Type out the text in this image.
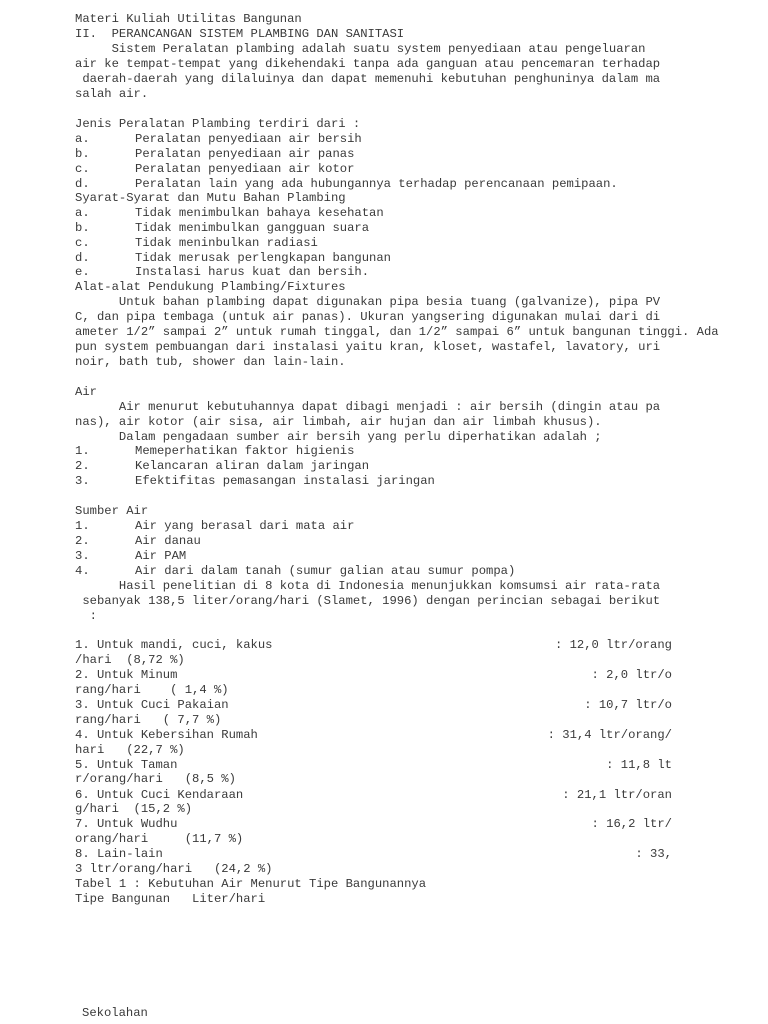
Materi Kuliah Utilitas Bangunan
II.  PERANCANGAN SISTEM PLAMBING DAN SANITASI
Sistem Peralatan plambing adalah suatu system penyediaan atau pengeluaran
air ke tempat-tempat yang dikehendaki tanpa ada ganguan atau pencemaran terhadap
daerah-daerah yang dilaluinya dan dapat memenuhi kebutuhan penghuninya dalam ma
salah air.
Jenis Peralatan Plambing terdiri dari :
a.	Peralatan penyediaan air bersih
b.	Peralatan penyediaan air panas
c.	Peralatan penyediaan air kotor
d.	Peralatan lain yang ada hubungannya terhadap perencanaan pemipaan.
Syarat-Syarat dan Mutu Bahan Plambing
a.	Tidak menimbulkan bahaya kesehatan
b.	Tidak menimbulkan gangguan suara
c.	Tidak meninbulkan radiasi
d.	Tidak merusak perlengkapan bangunan
e.	Instalasi harus kuat dan bersih.
Alat-alat Pendukung Plambing/Fixtures
Untuk bahan plambing dapat digunakan pipa besia tuang (galvanize), pipa PV
C, dan pipa tembaga (untuk air panas). Ukuran yangsering digunakan mulai dari di
ameter 1/2” sampai 2” untuk rumah tinggal, dan 1/2” sampai 6” untuk bangunan tinggi. Ada
pun system pembuangan dari instalasi yaitu kran, kloset, wastafel, lavatory, uri
noir, bath tub, shower dan lain-lain.
Air
Air menurut kebutuhannya dapat dibagi menjadi : air bersih (dingin atau pa
nas), air kotor (air sisa, air limbah, air hujan dan air limbah khusus).
Dalam pengadaan sumber air bersih yang perlu diperhatikan adalah ;
1.	Memeperhatikan faktor higienis
2.	Kelancaran aliran dalam jaringan
3.	Efektifitas pemasangan instalasi jaringan
Sumber Air
1.	Air yang berasal dari mata air
2.	Air danau
3.	Air PAM
4.	Air dari dalam tanah (sumur galian atau sumur pompa)
Hasil penelitian di 8 kota di Indonesia menunjukkan komsumsi air rata-rata
sebanyak 138,5 liter/orang/hari (Slamet, 1996) dengan perincian sebagai berikut
:
1. Untuk mandi, cuci, kakus	: 12,0 ltr/orang
/hari  (8,72 %)
2. Untuk Minum	: 2,0 ltr/o
rang/hari    ( 1,4 %)
3. Untuk Cuci Pakaian	: 10,7 ltr/o
rang/hari   ( 7,7 %)
4. Untuk Kebersihan Rumah	: 31,4 ltr/orang/
hari   (22,7 %)
5. Untuk Taman	: 11,8 lt
r/orang/hari   (8,5 %)
6. Untuk Cuci Kendaraan	: 21,1 ltr/oran
g/hari  (15,2 %)
7. Untuk Wudhu	: 16,2 ltr/
orang/hari     (11,7 %)
8. Lain-lain	: 33,
3 ltr/orang/hari   (24,2 %)
Tabel 1 : Kebutuhan Air Menurut Tipe Bangunannya
Tipe Bangunan   Liter/hari
Sekolahan
